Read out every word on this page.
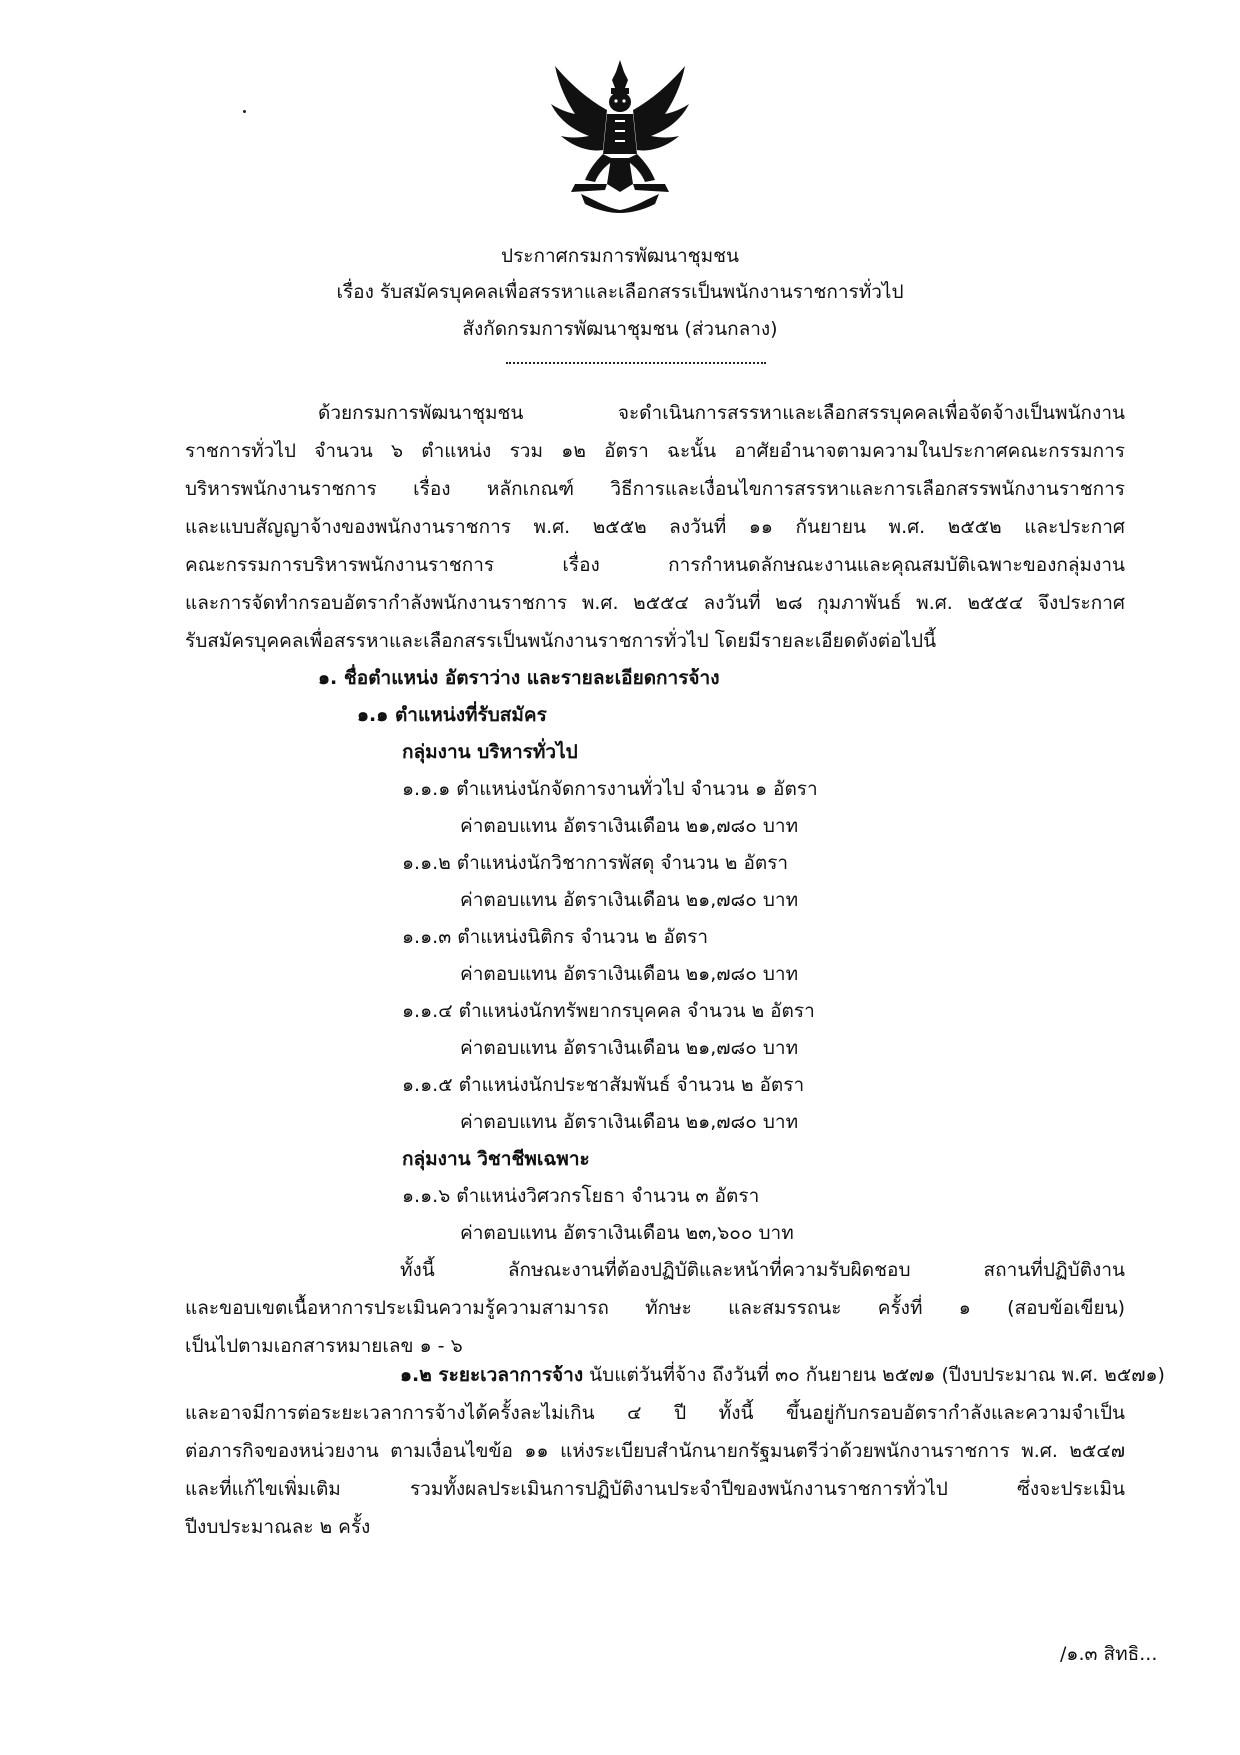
ประกาศกรมการพัฒนาชุมชน
เรื่อง รับสมัครบุคคลเพื่อสรรหาและเลือกสรรเป็นพนักงานราชการทั่วไป
สังกัดกรมการพัฒนาชุมชน (ส่วนกลาง)
ด้วยกรมการพัฒนาชุมชน จะดำเนินการสรรหาและเลือกสรรบุคคลเพื่อจัดจ้างเป็นพนักงาน
ราชการทั่วไป จำนวน ๖ ตำแหน่ง รวม ๑๒ อัตรา ฉะนั้น อาศัยอำนาจตามความในประกาศคณะกรรมการ
บริหารพนักงานราชการ เรื่อง หลักเกณฑ์ วิธีการและเงื่อนไขการสรรหาและการเลือกสรรพนักงานราชการ
และแบบสัญญาจ้างของพนักงานราชการ พ.ศ. ๒๕๕๒ ลงวันที่ ๑๑ กันยายน พ.ศ. ๒๕๕๒ และประกาศ
คณะกรรมการบริหารพนักงานราชการ เรื่อง การกำหนดลักษณะงานและคุณสมบัติเฉพาะของกลุ่มงาน
และการจัดทำกรอบอัตรากำลังพนักงานราชการ พ.ศ. ๒๕๕๔ ลงวันที่ ๒๘ กุมภาพันธ์ พ.ศ. ๒๕๕๔ จึงประกาศ
รับสมัครบุคคลเพื่อสรรหาและเลือกสรรเป็นพนักงานราชการทั่วไป โดยมีรายละเอียดดังต่อไปนี้
๑. ชื่อตำแหน่ง อัตราว่าง และรายละเอียดการจ้าง
๑.๑ ตำแหน่งที่รับสมัคร
กลุ่มงาน บริหารทั่วไป
๑.๑.๑ ตำแหน่งนักจัดการงานทั่วไป จำนวน ๑ อัตรา
ค่าตอบแทน อัตราเงินเดือน ๒๑,๗๘๐ บาท
๑.๑.๒ ตำแหน่งนักวิชาการพัสดุ จำนวน ๒ อัตรา
ค่าตอบแทน อัตราเงินเดือน ๒๑,๗๘๐ บาท
๑.๑.๓ ตำแหน่งนิติกร จำนวน ๒ อัตรา
ค่าตอบแทน อัตราเงินเดือน ๒๑,๗๘๐ บาท
๑.๑.๔ ตำแหน่งนักทรัพยากรบุคคล จำนวน ๒ อัตรา
ค่าตอบแทน อัตราเงินเดือน ๒๑,๗๘๐ บาท
๑.๑.๕ ตำแหน่งนักประชาสัมพันธ์ จำนวน ๒ อัตรา
ค่าตอบแทน อัตราเงินเดือน ๒๑,๗๘๐ บาท
กลุ่มงาน วิชาชีพเฉพาะ
๑.๑.๖ ตำแหน่งวิศวกรโยธา จำนวน ๓ อัตรา
ค่าตอบแทน อัตราเงินเดือน ๒๓,๖๐๐ บาท
ทั้งนี้ ลักษณะงานที่ต้องปฏิบัติและหน้าที่ความรับผิดชอบ สถานที่ปฏิบัติงาน
และขอบเขตเนื้อหาการประเมินความรู้ความสามารถ ทักษะ และสมรรถนะ ครั้งที่ ๑ (สอบข้อเขียน)
เป็นไปตามเอกสารหมายเลข ๑ - ๖
๑.๒ ระยะเวลาการจ้าง นับแต่วันที่จ้าง ถึงวันที่ ๓๐ กันยายน ๒๕๗๑ (ปีงบประมาณ พ.ศ. ๒๕๗๑)
และอาจมีการต่อระยะเวลาการจ้างได้ครั้งละไม่เกิน ๔ ปี ทั้งนี้ ขึ้นอยู่กับกรอบอัตรากำลังและความจำเป็น
ต่อภารกิจของหน่วยงาน ตามเงื่อนไขข้อ ๑๑ แห่งระเบียบสำนักนายกรัฐมนตรีว่าด้วยพนักงานราชการ พ.ศ. ๒๕๔๗
และที่แก้ไขเพิ่มเติม รวมทั้งผลประเมินการปฏิบัติงานประจำปีของพนักงานราชการทั่วไป ซึ่งจะประเมิน
ปีงบประมาณละ ๒ ครั้ง
/๑.๓ สิทธิ...
